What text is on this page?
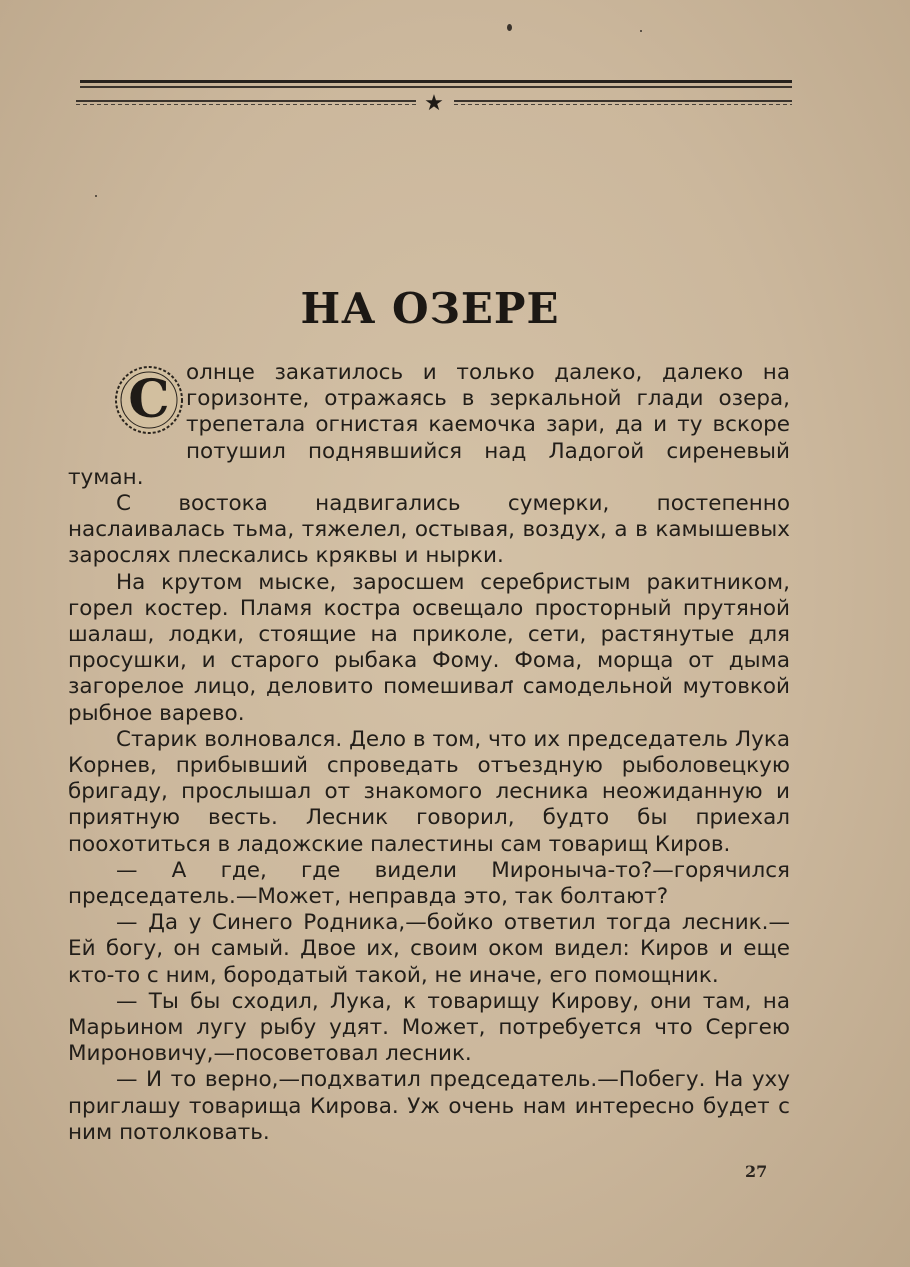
★
НА ОЗЕРЕ
С олнце закатилось и только далеко, далеко на горизонте, отражаясь в зеркальной глади озера, трепетала огнистая каемочка зари, да и ту вскоре потушил поднявшийся над Ладогой сиреневый туман.

С востока надвигались сумерки, постепенно наслаивалась тьма, тяжелел, остывая, воздух, а в камышевых зарослях плескались кряквы и нырки.

На крутом мыске, заросшем серебристым ракитником, горел костер. Пламя костра освещало просторный прутяной шалаш, лодки, стоящие на приколе, сети, растянутые для просушки, и старого рыбака Фому. Фома, морща от дыма загорелое лицо, деловито помешивал самодельной мутовкой рыбное варево.

Старик волновался. Дело в том, что их председатель Лука Корнев, прибывший спроведать отъездную рыболовецкую бригаду, прослышал от знакомого лесника неожиданную и приятную весть. Лесник говорил, будто бы приехал поохотиться в ладожские палестины сам товарищ Киров.

— А где, где видели Мироныча-то?—горячился председатель.—Может, неправда это, так болтают?

— Да у Синего Родника,—бойко ответил тогда лесник.—Ей богу, он самый. Двое их, своим оком видел: Киров и еще кто-то с ним, бородатый такой, не иначе, его помощник.

— Ты бы сходил, Лука, к товарищу Кирову, они там, на Марьином лугу рыбу удят. Может, потребуется что Сергею Мироновичу,—посоветовал лесник.

— И то верно,—подхватил председатель.—Побегу. На уху приглашу товарища Кирова. Уж очень нам интересно будет с ним потолковать.

27
